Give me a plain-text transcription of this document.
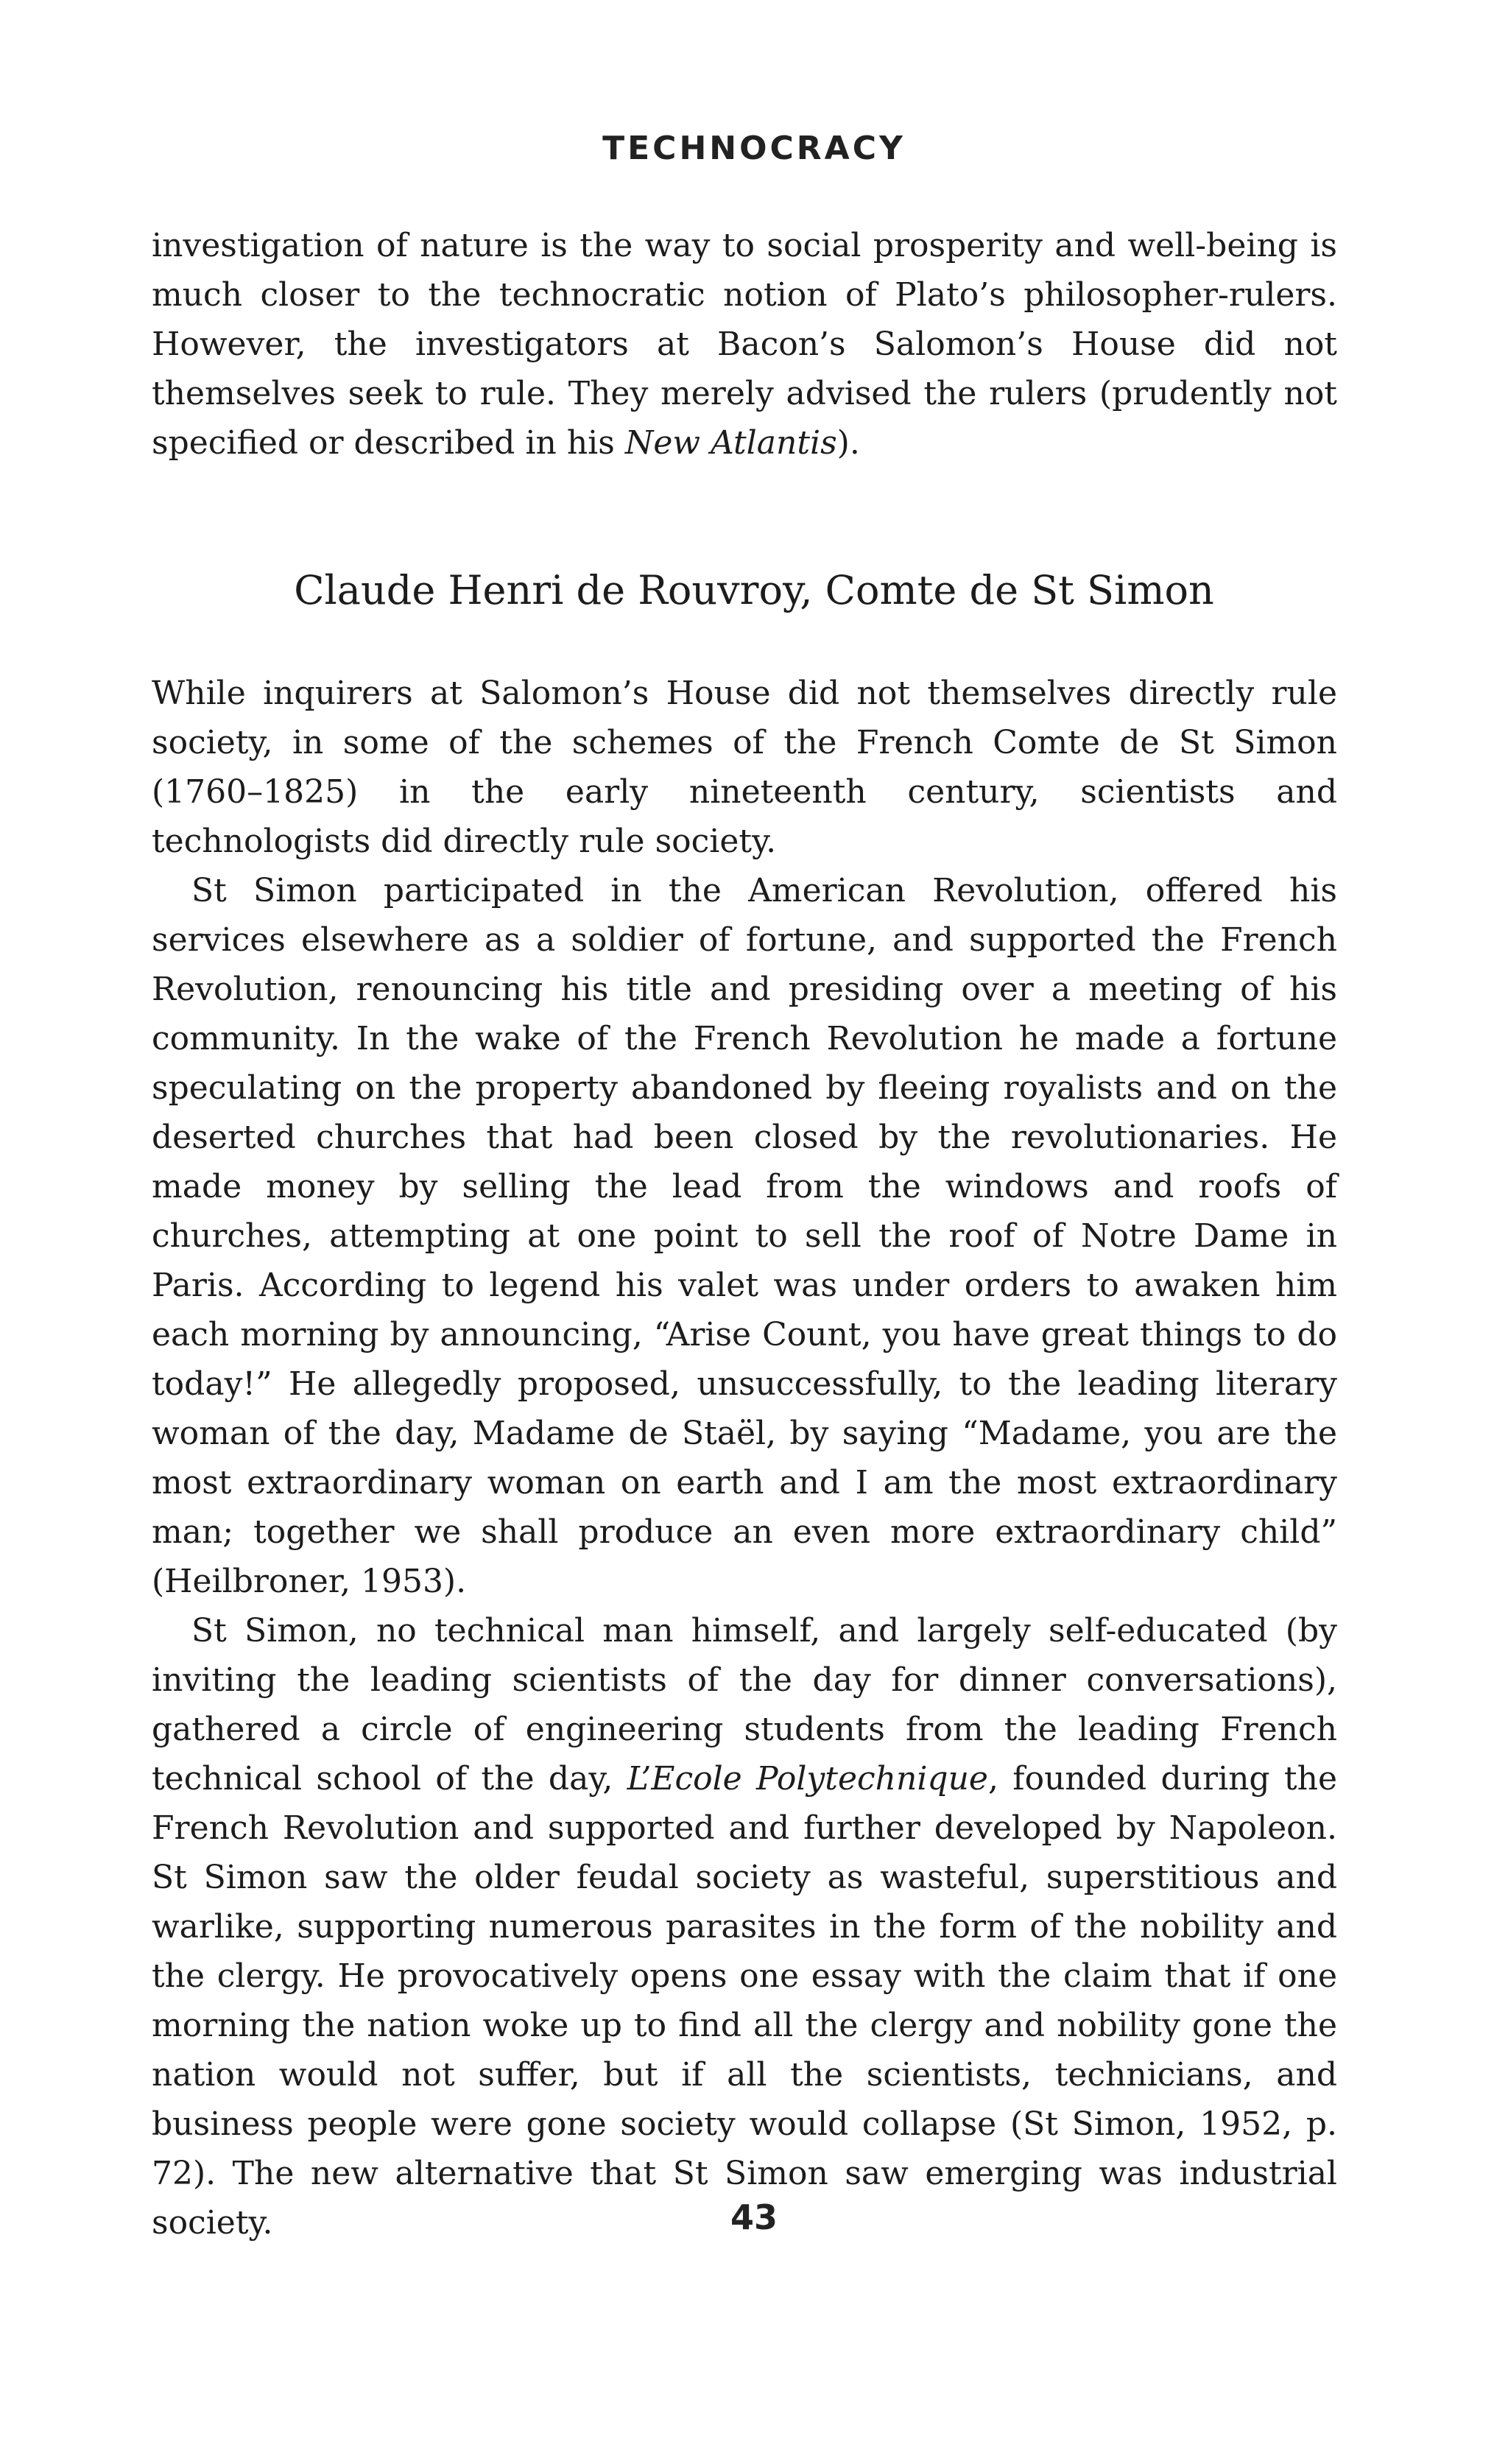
TECHNOCRACY

investigation of nature is the way to social prosperity and well-being is much closer to the technocratic notion of Plato’s philosopher-rulers. However, the investigators at Bacon’s Salomon’s House did not themselves seek to rule. They merely advised the rulers (prudently not specified or described in his New Atlantis).

Claude Henri de Rouvroy, Comte de St Simon

While inquirers at Salomon’s House did not themselves directly rule society, in some of the schemes of the French Comte de St Simon (1760–1825) in the early nineteenth century, scientists and technologists did directly rule society.

St Simon participated in the American Revolution, offered his services elsewhere as a soldier of fortune, and supported the French Revolution, renouncing his title and presiding over a meeting of his community. In the wake of the French Revolution he made a fortune speculating on the property abandoned by fleeing royalists and on the deserted churches that had been closed by the revolutionaries. He made money by selling the lead from the windows and roofs of churches, attempting at one point to sell the roof of Notre Dame in Paris. According to legend his valet was under orders to awaken him each morning by announcing, “Arise Count, you have great things to do today!” He allegedly proposed, unsuccessfully, to the leading literary woman of the day, Madame de Staël, by saying “Madame, you are the most extraordinary woman on earth and I am the most extraordinary man; together we shall produce an even more extraordinary child” (Heilbroner, 1953).

St Simon, no technical man himself, and largely self-educated (by inviting the leading scientists of the day for dinner conversations), gathered a circle of engineering students from the leading French technical school of the day, L’Ecole Polytechnique, founded during the French Revolution and supported and further developed by Napoleon. St Simon saw the older feudal society as wasteful, superstitious and warlike, supporting numerous parasites in the form of the nobility and the clergy. He provocatively opens one essay with the claim that if one morning the nation woke up to find all the clergy and nobility gone the nation would not suffer, but if all the scientists, technicians, and business people were gone society would collapse (St Simon, 1952, p. 72). The new alternative that St Simon saw emerging was industrial society.	43
